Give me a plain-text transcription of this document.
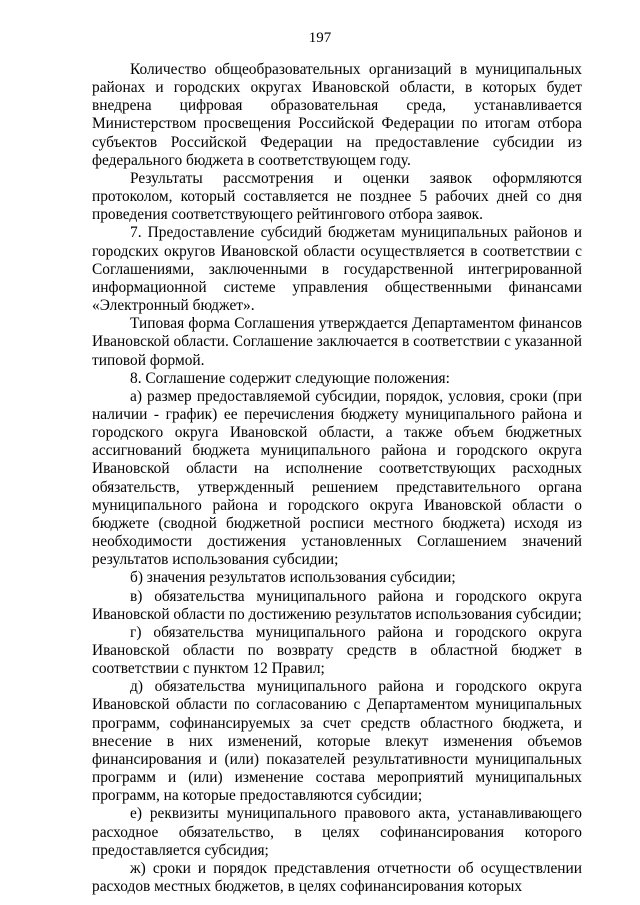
197

Количество общеобразовательных организаций в муниципальных районах и городских округах Ивановской области, в которых будет внедрена цифровая образовательная среда, устанавливается Министерством просвещения Российской Федерации по итогам отбора субъектов Российской Федерации на предоставление субсидии из федерального бюджета в соответствующем году.

Результаты рассмотрения и оценки заявок оформляются протоколом, который составляется не позднее 5 рабочих дней со дня проведения соответствующего рейтингового отбора заявок.

7. Предоставление субсидий бюджетам муниципальных районов и городских округов Ивановской области осуществляется в соответствии с Соглашениями, заключенными в государственной интегрированной информационной системе управления общественными финансами «Электронный бюджет».

Типовая форма Соглашения утверждается Департаментом финансов Ивановской области. Соглашение заключается в соответствии с указанной типовой формой.

8. Соглашение содержит следующие положения:

а) размер предоставляемой субсидии, порядок, условия, сроки (при наличии - график) ее перечисления бюджету муниципального района и городского округа Ивановской области, а также объем бюджетных ассигнований бюджета муниципального района и городского округа Ивановской области на исполнение соответствующих расходных обязательств, утвержденный решением представительного органа муниципального района и городского округа Ивановской области о бюджете (сводной бюджетной росписи местного бюджета) исходя из необходимости достижения установленных Соглашением значений результатов использования субсидии;

б) значения результатов использования субсидии;

в) обязательства муниципального района и городского округа Ивановской области по достижению результатов использования субсидии;

г) обязательства муниципального района и городского округа Ивановской области по возврату средств в областной бюджет в соответствии с пунктом 12 Правил;

д) обязательства муниципального района и городского округа Ивановской области по согласованию с Департаментом муниципальных программ, софинансируемых за счет средств областного бюджета, и внесение в них изменений, которые влекут изменения объемов финансирования и (или) показателей результативности муниципальных программ и (или) изменение состава мероприятий муниципальных программ, на которые предоставляются субсидии;

е) реквизиты муниципального правового акта, устанавливающего расходное обязательство, в целях софинансирования которого предоставляется субсидия;

ж) сроки и порядок представления отчетности об осуществлении расходов местных бюджетов, в целях софинансирования которых
